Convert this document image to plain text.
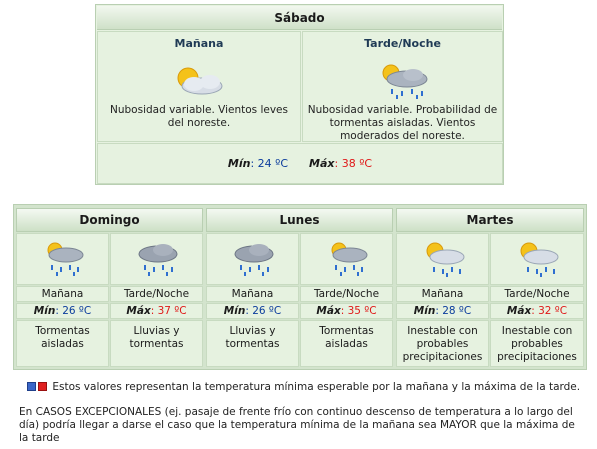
Sábado
Mañana
Nubosidad variable. Vientos leves del noreste.
Tarde/Noche
Nubosidad variable. Probabilidad de tormentas aisladas. Vientos moderados del noreste.
Mín: 24 ºC Máx: 38 ºC
Domingo
Mañana	Tarde/Noche
Mín: 26 ºC	Máx: 37 ºC
Tormentas aisladas
Lluvias y tormentas
Lunes
Mañana	Tarde/Noche
Mín: 26 ºC	Máx: 35 ºC
Lluvias y tormentas
Tormentas aisladas
Martes
Mañana	Tarde/Noche
Mín: 28 ºC	Máx: 32 ºC
Inestable con probables precipitaciones
Inestable con probables precipitaciones
Estos valores representan la temperatura mínima esperable por la mañana y la máxima de la tarde.
En CASOS EXCEPCIONALES (ej. pasaje de frente frío con continuo descenso de temperatura a lo largo del día) podría llegar a darse el caso que la temperatura mínima de la mañana sea MAYOR que la máxima de la tarde
